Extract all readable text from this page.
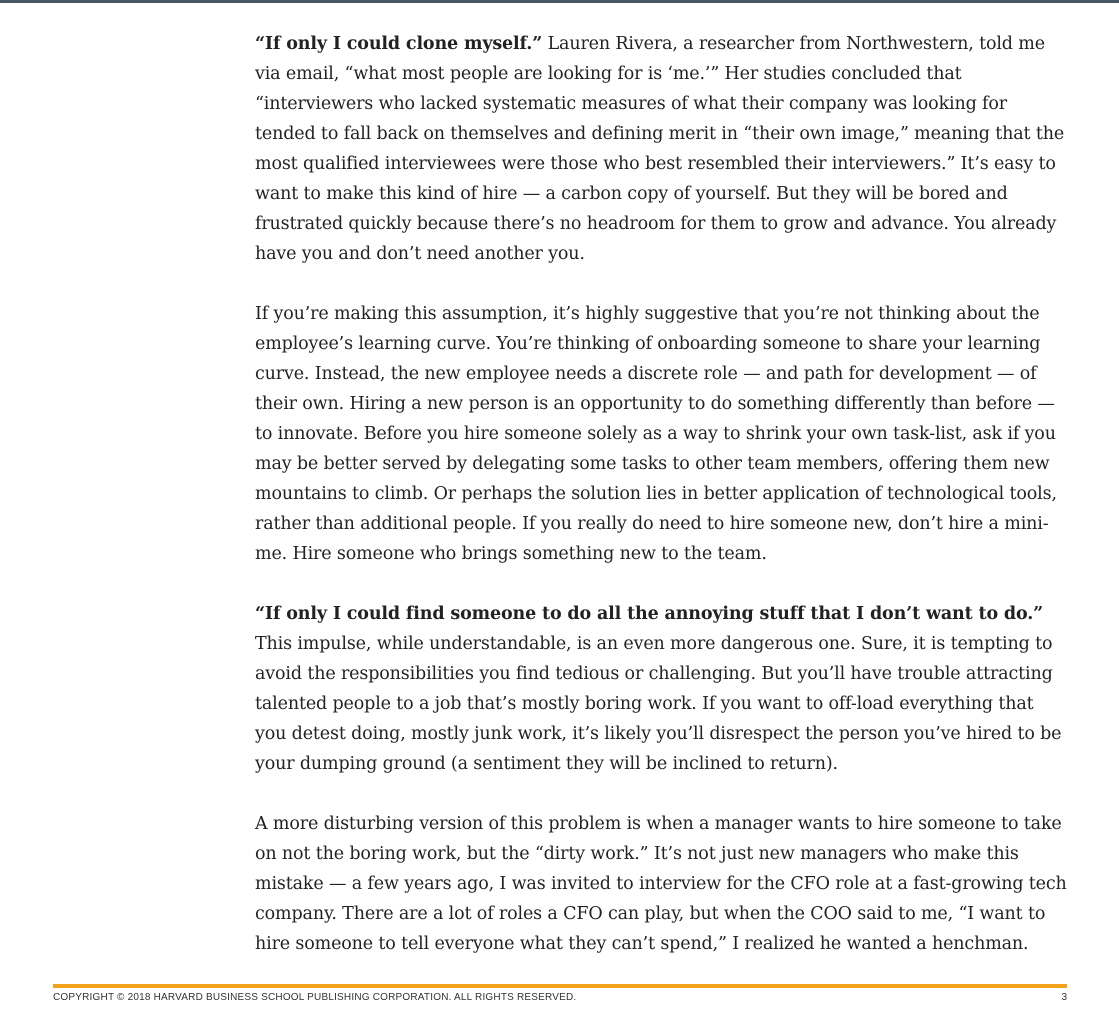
“If only I could clone myself.” Lauren Rivera, a researcher from Northwestern, told me via email, “what most people are looking for is ‘me.’” Her studies concluded that “interviewers who lacked systematic measures of what their company was looking for tended to fall back on themselves and defining merit in “their own image,” meaning that the most qualified interviewees were those who best resembled their interviewers.” It’s easy to want to make this kind of hire — a carbon copy of yourself. But they will be bored and frustrated quickly because there’s no headroom for them to grow and advance. You already have you and don’t need another you.

If you’re making this assumption, it’s highly suggestive that you’re not thinking about the employee’s learning curve. You’re thinking of onboarding someone to share your learning curve. Instead, the new employee needs a discrete role — and path for development — of their own. Hiring a new person is an opportunity to do something differently than before — to innovate. Before you hire someone solely as a way to shrink your own task-list, ask if you may be better served by delegating some tasks to other team members, offering them new mountains to climb. Or perhaps the solution lies in better application of technological tools, rather than additional people. If you really do need to hire someone new, don’t hire a mini-me. Hire someone who brings something new to the team.

“If only I could find someone to do all the annoying stuff that I don’t want to do.” This impulse, while understandable, is an even more dangerous one. Sure, it is tempting to avoid the responsibilities you find tedious or challenging. But you’ll have trouble attracting talented people to a job that’s mostly boring work. If you want to off-load everything that you detest doing, mostly junk work, it’s likely you’ll disrespect the person you’ve hired to be your dumping ground (a sentiment they will be inclined to return).

A more disturbing version of this problem is when a manager wants to hire someone to take on not the boring work, but the “dirty work.” It’s not just new managers who make this mistake — a few years ago, I was invited to interview for the CFO role at a fast-growing tech company. There are a lot of roles a CFO can play, but when the COO said to me, “I want to hire someone to tell everyone what they can’t spend,” I realized he wanted a henchman.

COPYRIGHT © 2018 HARVARD BUSINESS SCHOOL PUBLISHING CORPORATION. ALL RIGHTS RESERVED.	3
